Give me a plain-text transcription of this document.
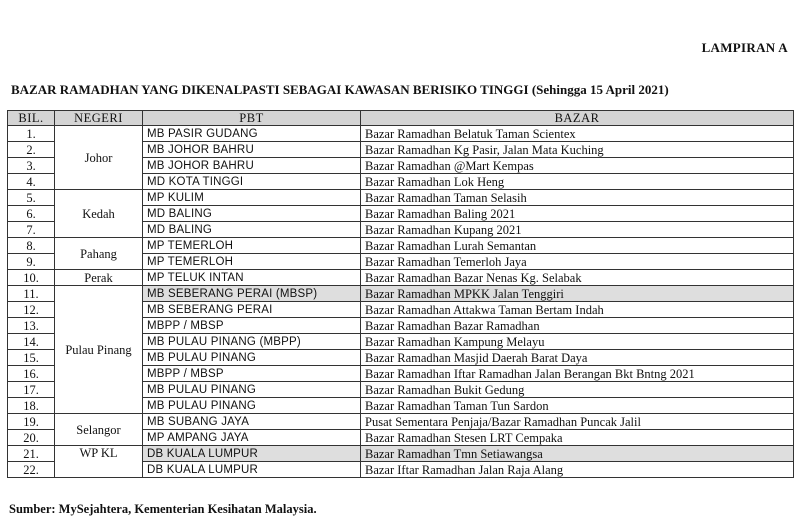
LAMPIRAN A
BAZAR RAMADHAN YANG DIKENALPASTI SEBAGAI KAWASAN BERISIKO TINGGI (Sehingga 15 April 2021)
BIL.	NEGERI	PBT	BAZAR
1.	Johor	MB PASIR GUDANG	Bazar Ramadhan Belatuk Taman Scientex
2.		MB JOHOR BAHRU	Bazar Ramadhan Kg Pasir, Jalan Mata Kuching
3.		MB JOHOR BAHRU	Bazar Ramadhan @Mart Kempas
4.		MD KOTA TINGGI	Bazar Ramadhan Lok Heng
5.	Kedah	MP KULIM	Bazar Ramadhan Taman Selasih
6.		MD BALING	Bazar Ramadhan Baling 2021
7.		MD BALING	Bazar Ramadhan Kupang 2021
8.	Pahang	MP TEMERLOH	Bazar Ramadhan Lurah Semantan
9.		MP TEMERLOH	Bazar Ramadhan Temerloh Jaya
10.	Perak	MP TELUK INTAN	Bazar Ramadhan Bazar Nenas Kg. Selabak
11.	Pulau Pinang	MB SEBERANG PERAI (MBSP)	Bazar Ramadhan MPKK Jalan Tenggiri
12.		MB SEBERANG PERAI	Bazar Ramadhan Attakwa Taman Bertam Indah
13.		MBPP / MBSP	Bazar Ramadhan Bazar Ramadhan
14.		MB PULAU PINANG (MBPP)	Bazar Ramadhan Kampung Melayu
15.		MB PULAU PINANG	Bazar Ramadhan Masjid Daerah Barat Daya
16.		MBPP / MBSP	Bazar Ramadhan Iftar Ramadhan Jalan Berangan Bkt Bntng 2021
17.		MB PULAU PINANG	Bazar Ramadhan Bukit Gedung
18.		MB PULAU PINANG	Bazar Ramadhan Taman Tun Sardon
19.	Selangor	MB SUBANG JAYA	Pusat Sementara Penjaja/Bazar Ramadhan Puncak Jalil
20.		MP AMPANG JAYA	Bazar Ramadhan Stesen LRT Cempaka
21.	WP KL	DB KUALA LUMPUR	Bazar Ramadhan Tmn Setiawangsa
22.		DB KUALA LUMPUR	Bazar Iftar Ramadhan Jalan Raja Alang
Sumber: MySejahtera, Kementerian Kesihatan Malaysia.
